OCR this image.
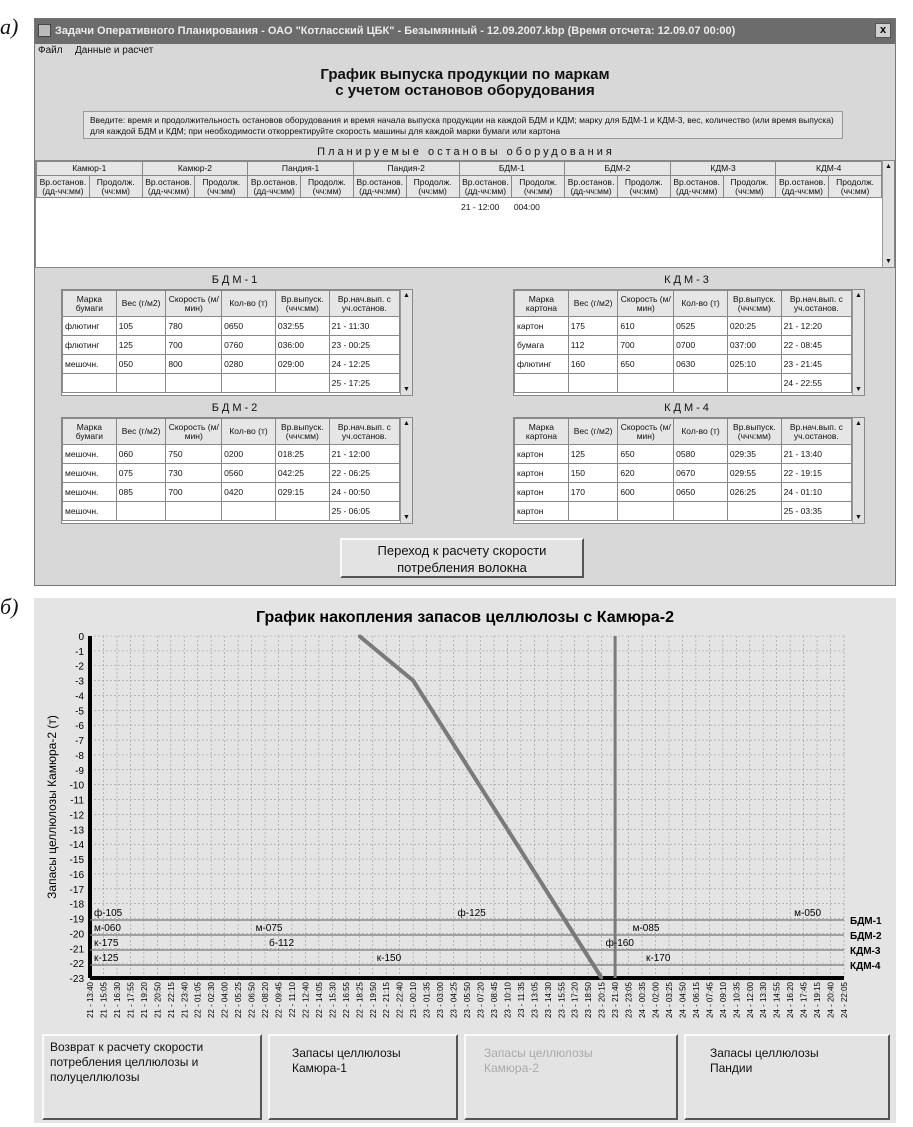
а)	Задачи Оперативного Планирования - ОАО "Котласский ЦБК" - Безымянный - 12.09.2007.kbp (Время отсчета: 12.09.07 00:00)	x
Файл Данные и расчет
График выпуска продукции по маркам
с учетом остановов оборудования
Введите: время и продолжительность остановов оборудования и время начала выпуска продукции на каждой БДМ и КДМ; марку для БДМ-1 и КДМ-3, вес, количество (или время выпуска) для каждой БДМ и КДМ; при необходимости откорректируйте скорость машины для каждой марки бумаги или картона
Планируемые остановы оборудования
Камюр-1		Камюр-2		Пандия-1		Пандия-2		БДМ-1		БДМ-2		КДМ-3		КДМ-4	
Вр.останов. (дд-чч:мм)	Продолж. (чч:мм)	Вр.останов. (дд-чч:мм)	Продолж. (чч:мм)	Вр.останов. (дд-чч:мм)	Продолж. (чч:мм)	Вр.останов. (дд-чч:мм)	Продолж. (чч:мм)	Вр.останов. (дд-чч:мм)	Продолж. (чч:мм)	Вр.останов. (дд-чч:мм)	Продолж. (чч:мм)	Вр.останов. (дд-чч:мм)	Продолж. (чч:мм)	Вр.останов. (дд-чч:мм)	Продолж. (чч:мм)
								21 - 12:00	004:00						
▲
▼
БДМ-1	КДМ-3
БДМ-2	КДМ-4
Марка бумаги	Вес (г/м2)	Скорость (м/мин)	Кол-во (т)	Вр.выпуск. (ччч:мм)	Вр.нач.вып. с уч.останов.
флютинг	105	780	0650	032:55	21 - 11:30
флютинг	125	700	0760	036:00	23 - 00:25
мешочн.	050	800	0280	029:00	24 - 12:25
					25 - 17:25
▲
▼
Марка картона	Вес (г/м2)	Скорость (м/мин)	Кол-во (т)	Вр.выпуск. (ччч:мм)	Вр.нач.вып. с уч.останов.
картон	175	610	0525	020:25	21 - 12:20
бумага	112	700	0700	037:00	22 - 08:45
флютинг	160	650	0630	025:10	23 - 21:45
					24 - 22:55
▲
▼
Марка бумаги	Вес (г/м2)	Скорость (м/мин)	Кол-во (т)	Вр.выпуск. (ччч:мм)	Вр.нач.вып. с уч.останов.
мешочн.	060	750	0200	018:25	21 - 12:00
мешочн.	075	730	0560	042:25	22 - 06:25
мешочн.	085	700	0420	029:15	24 - 00:50
мешочн.					25 - 06:05
▲
▼
Марка картона	Вес (г/м2)	Скорость (м/мин)	Кол-во (т)	Вр.выпуск. (ччч:мм)	Вр.нач.вып. с уч.останов.
картон	125	650	0580	029:35	21 - 13:40
картон	150	620	0670	029:55	22 - 19:15
картон	170	600	0650	026:25	24 - 01:10
картон					25 - 03:35
▲
▼
Переход к расчету скорости
потребления волокна
б)	График накопления запасов целлюлозы с Камюра-2
Запасы целлюлозы Камюра-2 (т)
21 - 13:40 21 - 15:05 21 - 16:30 21 - 17:55 21 - 19:20 21 - 20:50 21 - 22:15 21 - 23:40 22 - 01:05 22 - 02:30 22 - 04:00 22 - 05:25 22 - 06:50 22 - 08:20 22 - 09:45 22 - 11:10 22 - 12:40 22 - 14:05 22 - 15:30 22 - 16:55 22 - 18:25 22 - 19:50 22 - 21:15 22 - 22:40 23 - 00:10 23 - 01:35 23 - 03:00 23 - 04:25 23 - 05:50 23 - 07:20 23 - 08:45 23 - 10:10 23 - 11:35 23 - 13:05 23 - 14:30 23 - 15:55 23 - 17:20 23 - 18:50 23 - 20:15 23 - 21:40 23 - 23:05 24 - 00:35 24 - 02:00 24 - 03:25 24 - 04:50 24 - 06:15 24 - 07:45 24 - 09:10 24 - 10:35 24 - 12:00 24 - 13:30 24 - 14:55 24 - 16:20 24 - 17:45 24 - 19:15 24 - 20:40 24 - 22:05
0
-1
-2
-3
-4
-5
-6
-7
-8
-9
-10
-11
-12
-13
-14
-15
-16
-17
-18
-19
-20
-21
-22
-23
БДМ-1
БДМ-2
КДМ-3
КДМ-4
ф-105	ф-125	м-050
м-060	м-075	м-085
к-175	б-112	ф-160
к-125	к-150	к-170
Возврат к расчету скорости
потребления целлюлозы и
полуцеллюлозы
Запасы целлюлозы
Камюра-1
Запасы целлюлозы
Камюра-2
Запасы целлюлозы
Пандии
